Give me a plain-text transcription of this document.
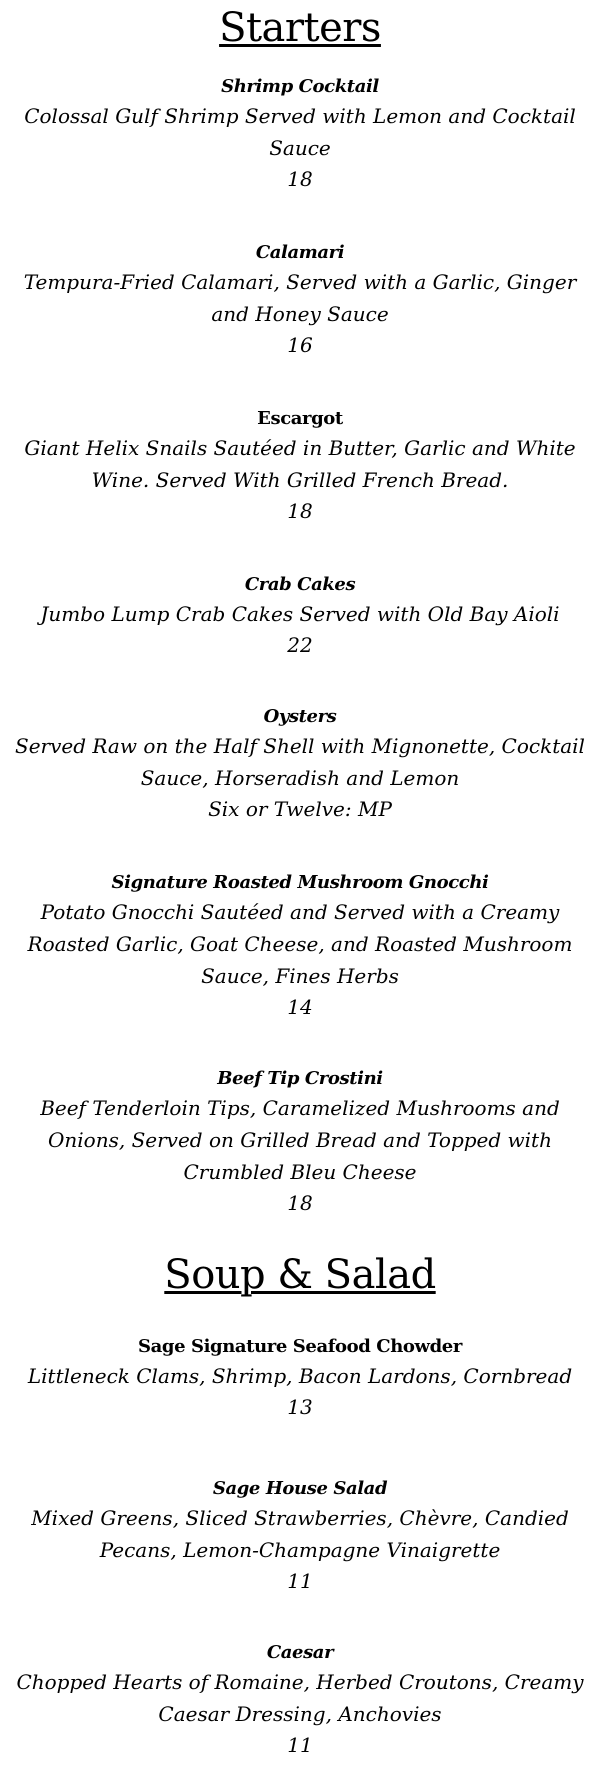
Starters

Shrimp Cocktail

Colossal Gulf Shrimp Served with Lemon and Cocktail Sauce

18

Calamari

Tempura-Fried Calamari, Served with a Garlic, Ginger and Honey Sauce

16

Escargot

Giant Helix Snails Sautéed in Butter, Garlic and White Wine. Served With Grilled French Bread.

18

Crab Cakes

Jumbo Lump Crab Cakes Served with Old Bay Aioli

22

Oysters

Served Raw on the Half Shell with Mignonette, Cocktail Sauce, Horseradish and Lemon

Six or Twelve: MP

Signature Roasted Mushroom Gnocchi

Potato Gnocchi Sautéed and Served with a Creamy Roasted Garlic, Goat Cheese, and Roasted Mushroom Sauce, Fines Herbs

14

Beef Tip Crostini

Beef Tenderloin Tips, Caramelized Mushrooms and Onions, Served on Grilled Bread and Topped with Crumbled Bleu Cheese

18

Soup & Salad

Sage Signature Seafood Chowder

Littleneck Clams, Shrimp, Bacon Lardons, Cornbread

13

Sage House Salad

Mixed Greens, Sliced Strawberries, Chèvre, Candied Pecans, Lemon-Champagne Vinaigrette

11

Caesar

Chopped Hearts of Romaine, Herbed Croutons, Creamy Caesar Dressing, Anchovies

11
